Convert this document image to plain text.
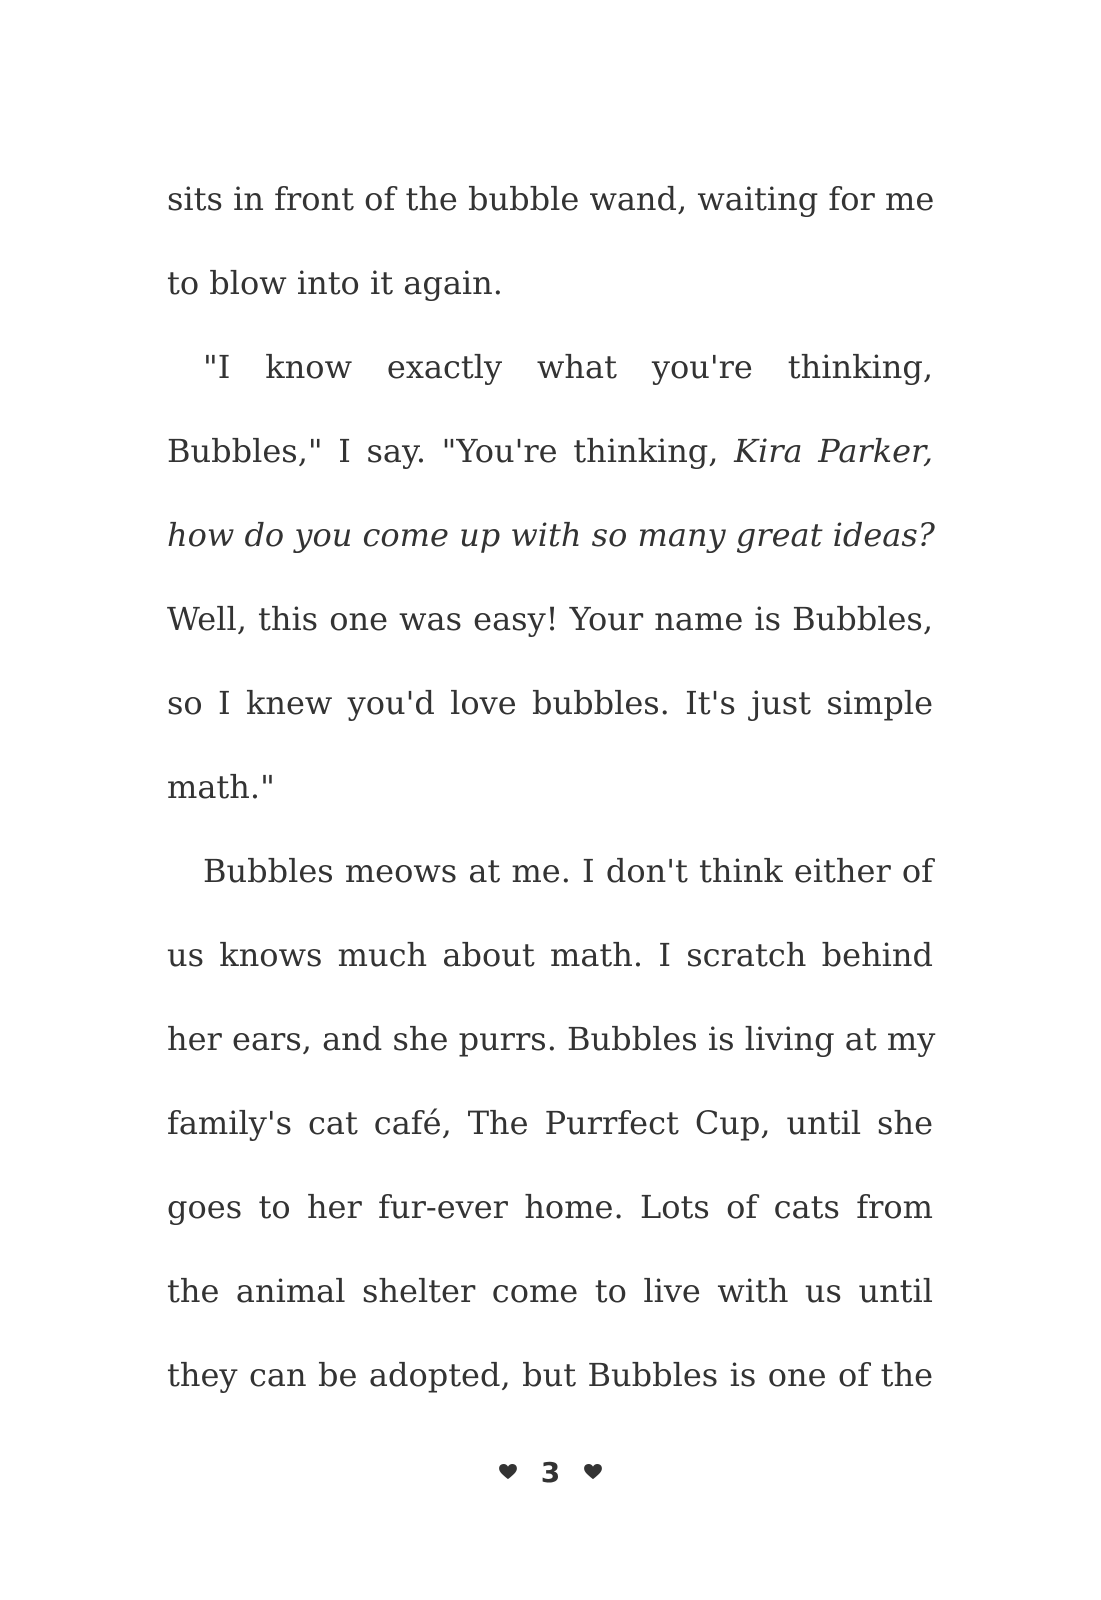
sits in front of the bubble wand, waiting for me
to blow into it again.
"I know exactly what you're thinking,
Bubbles," I say. "You're thinking, Kira Parker,
how do you come up with so many great ideas?
Well, this one was easy! Your name is Bubbles,
so I knew you'd love bubbles. It's just simple
math."
Bubbles meows at me. I don't think either of
us knows much about math. I scratch behind
her ears, and she purrs. Bubbles is living at my
family's cat café, The Purrfect Cup, until she
goes to her fur-ever home. Lots of cats from
the animal shelter come to live with us until
they can be adopted, but Bubbles is one of the
3
